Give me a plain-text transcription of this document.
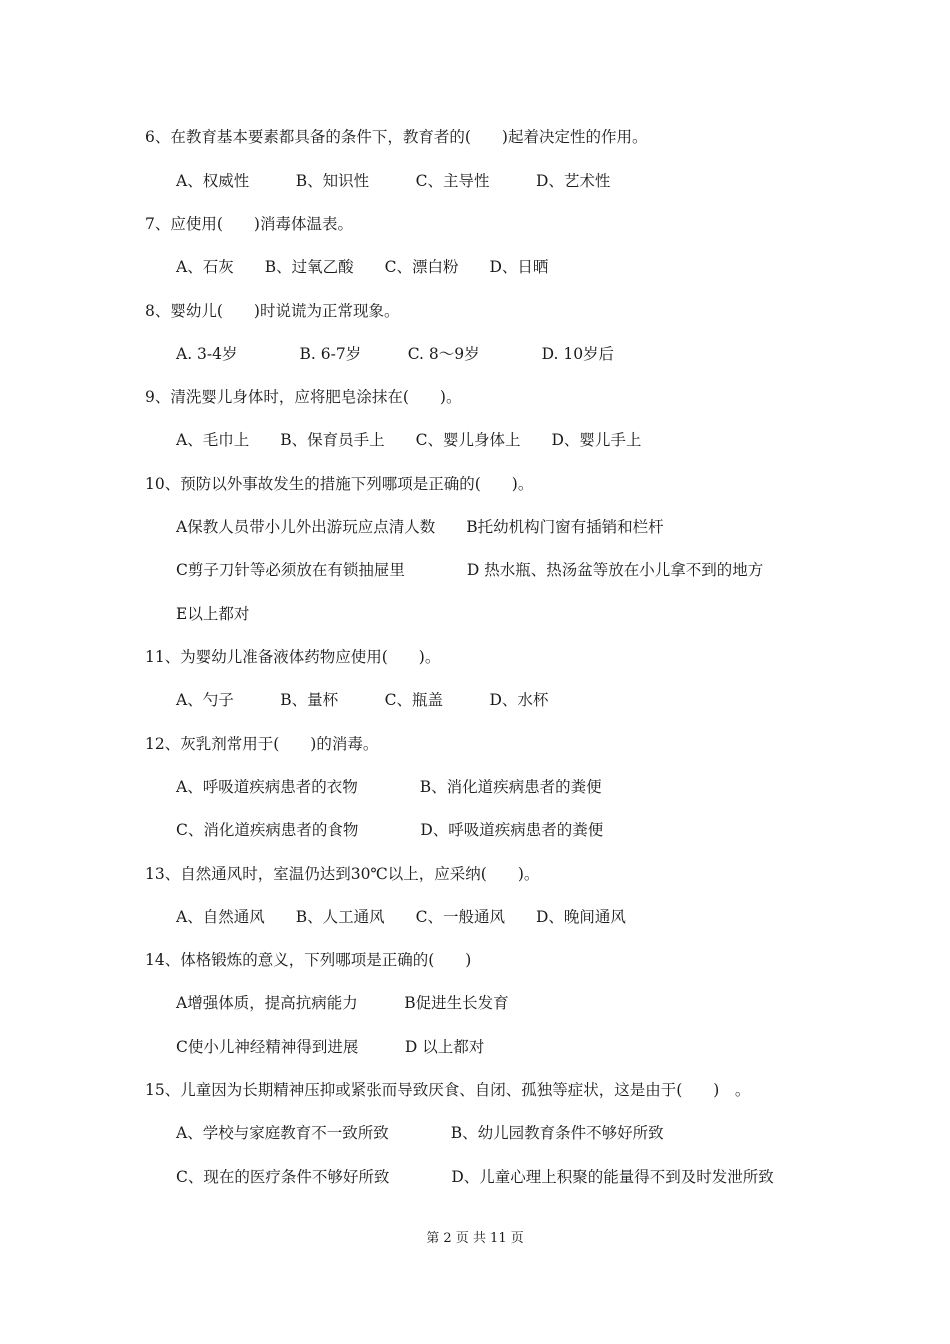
6、在教育基本要素都具备的条件下，教育者的(　　)起着决定性的作用。
A、权威性　　　B、知识性　　　C、主导性　　　D、艺术性
7、应使用(　　)消毒体温表。
A、石灰　　B、过氧乙酸　　C、漂白粉　　D、日晒
8、婴幼儿(　　)时说谎为正常现象。
A. 3-4岁　　　　B. 6-7岁　　　C. 8～9岁　　　　D. 10岁后
9、清洗婴儿身体时，应将肥皂涂抹在(　　)。
A、毛巾上　　B、保育员手上　　C、婴儿身体上　　D、婴儿手上
10、预防以外事故发生的措施下列哪项是正确的(　　)。
A保教人员带小儿外出游玩应点清人数　　B托幼机构门窗有插销和栏杆
C剪子刀针等必须放在有锁抽屉里　　　　D 热水瓶、热汤盆等放在小儿拿不到的地方
E以上都对
11、为婴幼儿准备液体药物应使用(　　)。
A、勺子　　　B、量杯　　　C、瓶盖　　　D、水杯
12、灰乳剂常用于(　　)的消毒。
A、呼吸道疾病患者的衣物　　　　B、消化道疾病患者的粪便
C、消化道疾病患者的食物　　　　D、呼吸道疾病患者的粪便
13、自然通风时，室温仍达到30℃以上，应采纳(　　)。
A、自然通风　　B、人工通风　　C、一般通风　　D、晚间通风
14、体格锻炼的意义，下列哪项是正确的(　　)
A增强体质，提高抗病能力　　　B促进生长发育
C使小儿神经精神得到进展　　　D 以上都对
15、儿童因为长期精神压抑或紧张而导致厌食、自闭、孤独等症状，这是由于(　　)　。
A、学校与家庭教育不一致所致　　　　B、幼儿园教育条件不够好所致
C、现在的医疗条件不够好所致　　　　D、儿童心理上积聚的能量得不到及时发泄所致
第 2 页 共 11 页
